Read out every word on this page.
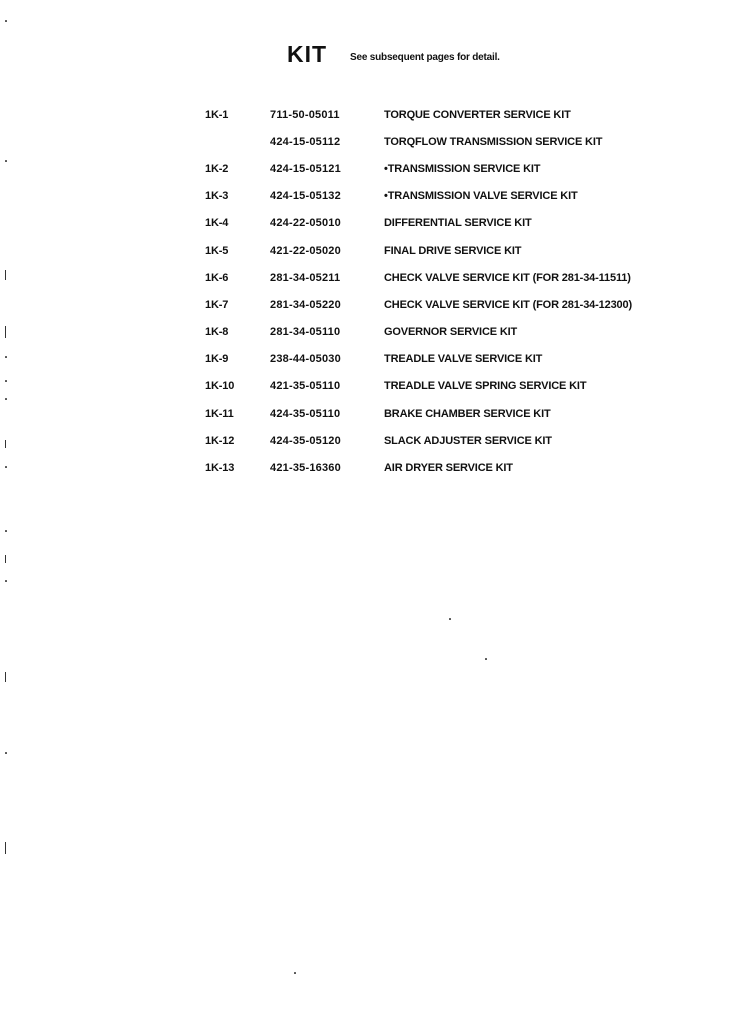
KIT See subsequent pages for detail.
1K-1	711-50-05011	TORQUE CONVERTER SERVICE KIT
	424-15-05112	TORQFLOW TRANSMISSION SERVICE KIT
1K-2	424-15-05121	•TRANSMISSION SERVICE KIT
1K-3	424-15-05132	•TRANSMISSION VALVE SERVICE KIT
1K-4	424-22-05010	DIFFERENTIAL SERVICE KIT
1K-5	421-22-05020	FINAL DRIVE SERVICE KIT
1K-6	281-34-05211	CHECK VALVE SERVICE KIT (FOR 281-34-11511)
1K-7	281-34-05220	CHECK VALVE SERVICE KIT (FOR 281-34-12300)
1K-8	281-34-05110	GOVERNOR SERVICE KIT
1K-9	238-44-05030	TREADLE VALVE SERVICE KIT
1K-10	421-35-05110	TREADLE VALVE SPRING SERVICE KIT
1K-11	424-35-05110	BRAKE CHAMBER SERVICE KIT
1K-12	424-35-05120	SLACK ADJUSTER SERVICE KIT
1K-13	421-35-16360	AIR DRYER SERVICE KIT
